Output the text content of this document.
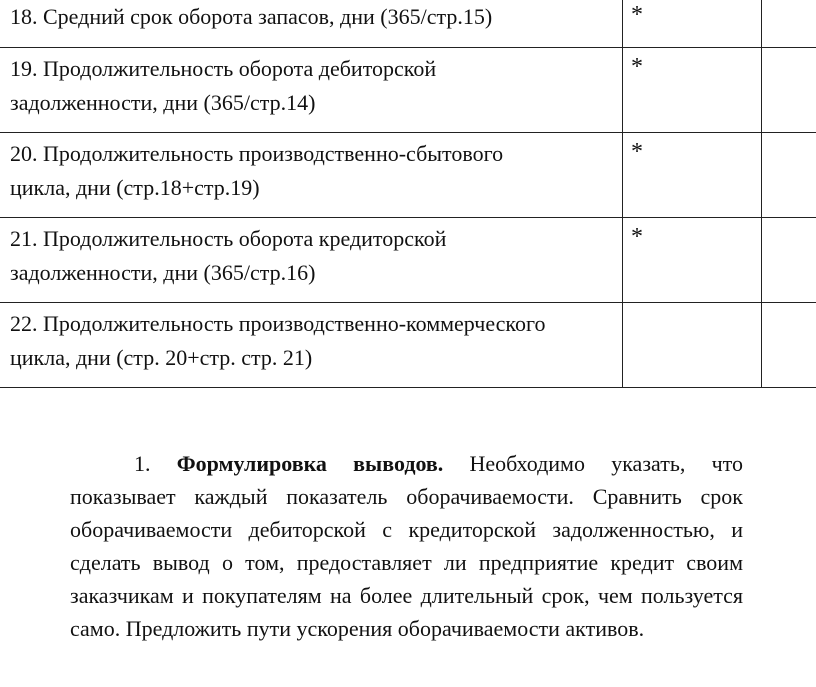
18. Средний срок оборота запасов, дни (365/стр.15)	*	

19. Продолжительность оборота дебиторской
задолженности, дни (365/стр.14)	*	

20. Продолжительность производственно-сбытового
цикла, дни (стр.18+стр.19)	*	

21. Продолжительность оборота кредиторской
задолженности, дни (365/стр.16)	*	

22. Продолжительность производственно-коммерческого
цикла, дни (стр. 20+стр. стр. 21)		

1. Формулировка выводов. Необходимо указать, что показывает каждый показатель оборачиваемости. Сравнить срок оборачиваемости дебиторской с кредиторской задолженностью, и сделать вывод о том, предоставляет ли предприятие кредит своим заказчикам и покупателям на более длительный срок, чем пользуется само. Предложить пути ускорения оборачиваемости активов.
